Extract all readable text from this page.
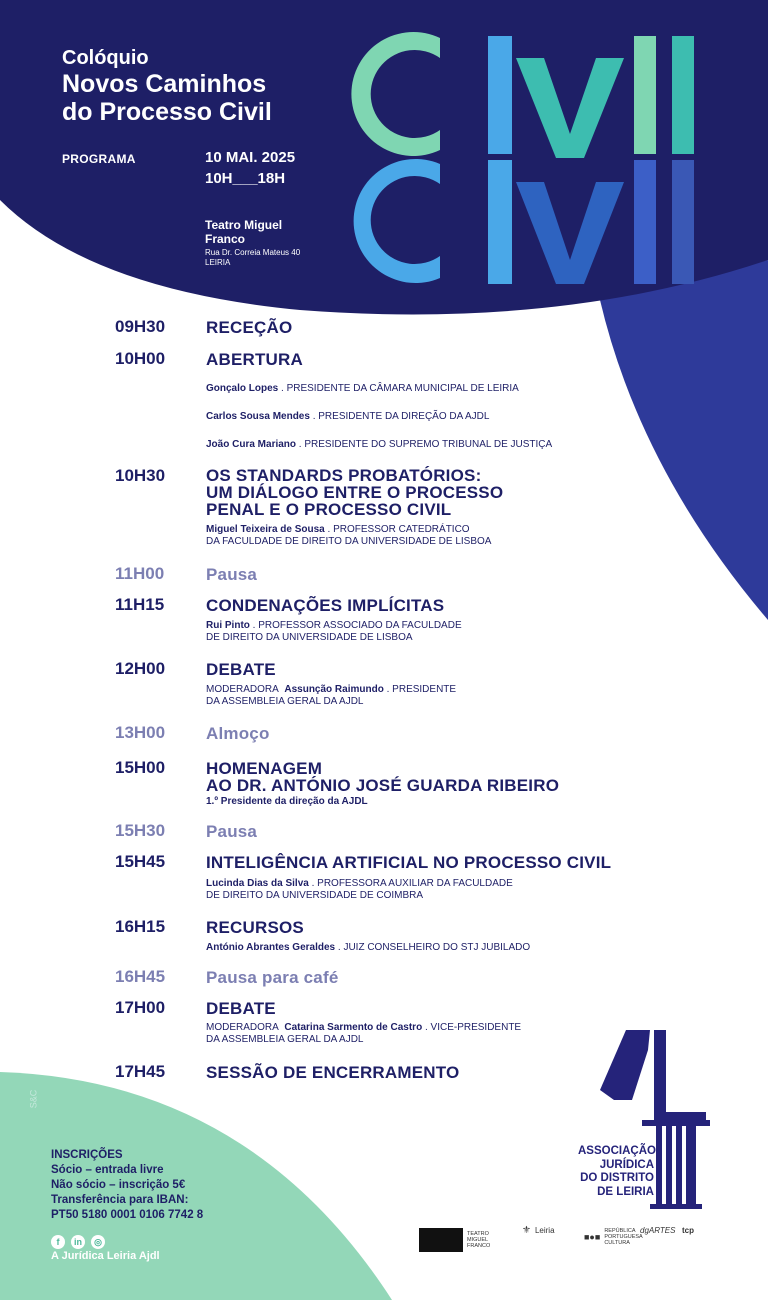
Colóquio

Novos Caminhos
do Processo Civil

PROGRAMA	10 MAI. 2025

10H___18H

Teatro Miguel
Franco
Rua Dr. Correia Mateus 40
LEIRIA
09H30 RECEÇÃO
10H00 ABERTURA
Gonçalo Lopes . PRESIDENTE DA CÂMARA MUNICIPAL DE LEIRIA
Carlos Sousa Mendes . PRESIDENTE DA DIREÇÃO DA AJDL
João Cura Mariano . PRESIDENTE DO SUPREMO TRIBUNAL DE JUSTIÇA
10H30 OS STANDARDS PROBATÓRIOS:
UM DIÁLOGO ENTRE O PROCESSO
PENAL E O PROCESSO CIVIL
Miguel Teixeira de Sousa . PROFESSOR CATEDRÁTICO
DA FACULDADE DE DIREITO DA UNIVERSIDADE DE LISBOA
11H00 Pausa
11H15 CONDENAÇÕES IMPLÍCITAS
Rui Pinto . PROFESSOR ASSOCIADO DA FACULDADE
DE DIREITO DA UNIVERSIDADE DE LISBOA
12H00 DEBATE
MODERADORA Assunção Raimundo . PRESIDENTE
DA ASSEMBLEIA GERAL DA AJDL
13H00 Almoço
15H00 HOMENAGEM
AO DR. ANTÓNIO JOSÉ GUARDA RIBEIRO
1.º Presidente da direção da AJDL
15H30 Pausa
15H45 INTELIGÊNCIA ARTIFICIAL NO PROCESSO CIVIL
Lucinda Dias da Silva . PROFESSORA AUXILIAR DA FACULDADE
DE DIREITO DA UNIVERSIDADE DE COIMBRA
16H15 RECURSOS
António Abrantes Geraldes . JUIZ CONSELHEIRO DO STJ JUBILADO
16H45 Pausa para café
17H00 DEBATE
MODERADORA Catarina Sarmento de Castro . VICE-PRESIDENTE
DA ASSEMBLEIA GERAL DA AJDL
17H45 SESSÃO DE ENCERRAMENTO
S&C
INSCRIÇÕES
Sócio – entrada livre
Não sócio – inscrição 5€
Transferência para IBAN:
PT50 5180 0001 0106 7742 8
f	in	◎
A Jurídica Leiria Ajdl
ASSOCIAÇÃO
JURÍDICA
DO DISTRITO
DE LEIRIA
TEATRO MIGUEL FRANCO
⚜ Leiria
■●■
REPÚBLICA PORTUGUESA CULTURA
dgARTES tcp
